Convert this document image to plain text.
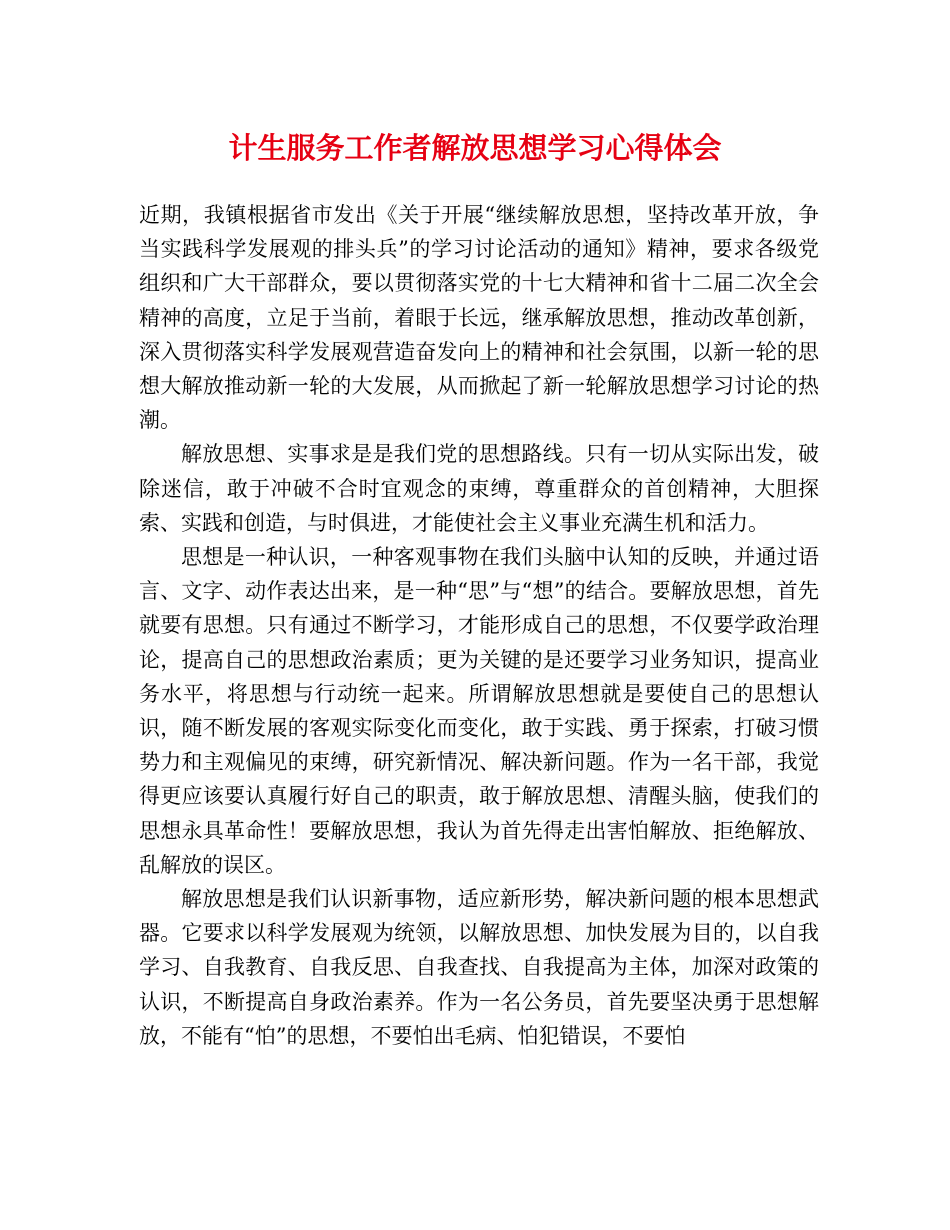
计生服务工作者解放思想学习心得体会

近期，我镇根据省市发出《关于开展“继续解放思想，坚持改革开放，争当实践科学发展观的排头兵”的学习讨论活动的通知》精神，要求各级党组织和广大干部群众，要以贯彻落实党的十七大精神和省十二届二次全会精神的高度，立足于当前，着眼于长远，继承解放思想，推动改革创新，深入贯彻落实科学发展观营造奋发向上的精神和社会氛围，以新一轮的思想大解放推动新一轮的大发展，从而掀起了新一轮解放思想学习讨论的热潮。

解放思想、实事求是是我们党的思想路线。只有一切从实际出发，破除迷信，敢于冲破不合时宜观念的束缚，尊重群众的首创精神，大胆探索、实践和创造，与时俱进，才能使社会主义事业充满生机和活力。

思想是一种认识，一种客观事物在我们头脑中认知的反映，并通过语言、文字、动作表达出来，是一种“思”与“想”的结合。要解放思想，首先就要有思想。只有通过不断学习，才能形成自己的思想，不仅要学政治理论，提高自己的思想政治素质；更为关键的是还要学习业务知识，提高业务水平，将思想与行动统一起来。所谓解放思想就是要使自己的思想认识，随不断发展的客观实际变化而变化，敢于实践、勇于探索，打破习惯势力和主观偏见的束缚，研究新情况、解决新问题。作为一名干部，我觉得更应该要认真履行好自己的职责，敢于解放思想、清醒头脑，使我们的思想永具革命性！要解放思想，我认为首先得走出害怕解放、拒绝解放、乱解放的误区。

解放思想是我们认识新事物，适应新形势，解决新问题的根本思想武器。它要求以科学发展观为统领，以解放思想、加快发展为目的，以自我学习、自我教育、自我反思、自我查找、自我提高为主体，加深对政策的认识，不断提高自身政治素养。作为一名公务员，首先要坚决勇于思想解放，不能有“怕”的思想，不要怕出毛病、怕犯错误，不要怕
